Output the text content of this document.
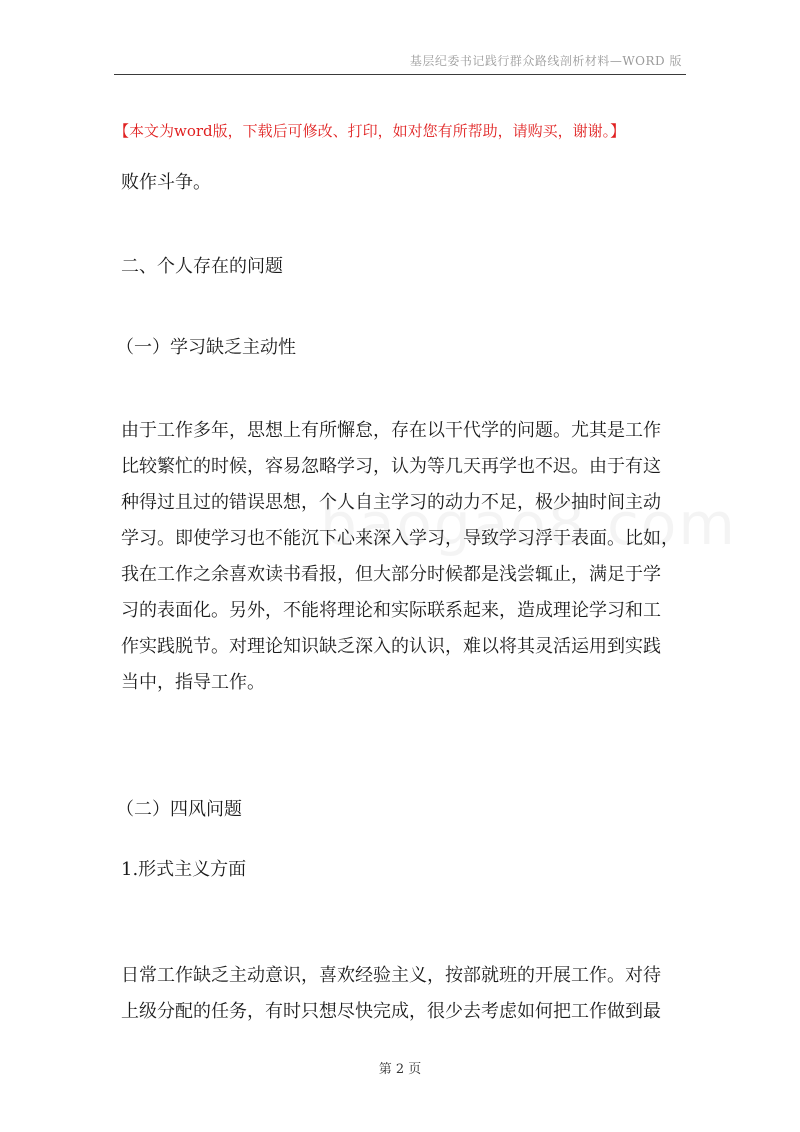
基层纪委书记践行群众路线剖析材料—WORD 版
【本文为word版，下载后可修改、打印，如对您有所帮助，请购买，谢谢。】
败作斗争。
二、个人存在的问题
（一）学习缺乏主动性
由于工作多年，思想上有所懈怠，存在以干代学的问题。尤其是工作
比较繁忙的时候，容易忽略学习，认为等几天再学也不迟。由于有这
种得过且过的错误思想，个人自主学习的动力不足，极少抽时间主动
学习。即使学习也不能沉下心来深入学习，导致学习浮于表面。比如，
我在工作之余喜欢读书看报，但大部分时候都是浅尝辄止，满足于学
习的表面化。另外，不能将理论和实际联系起来，造成理论学习和工
作实践脱节。对理论知识缺乏深入的认识，难以将其灵活运用到实践
当中，指导工作。
（二）四风问题
1.形式主义方面
日常工作缺乏主动意识，喜欢经验主义，按部就班的开展工作。对待
上级分配的任务，有时只想尽快完成，很少去考虑如何把工作做到最
第 2 页
